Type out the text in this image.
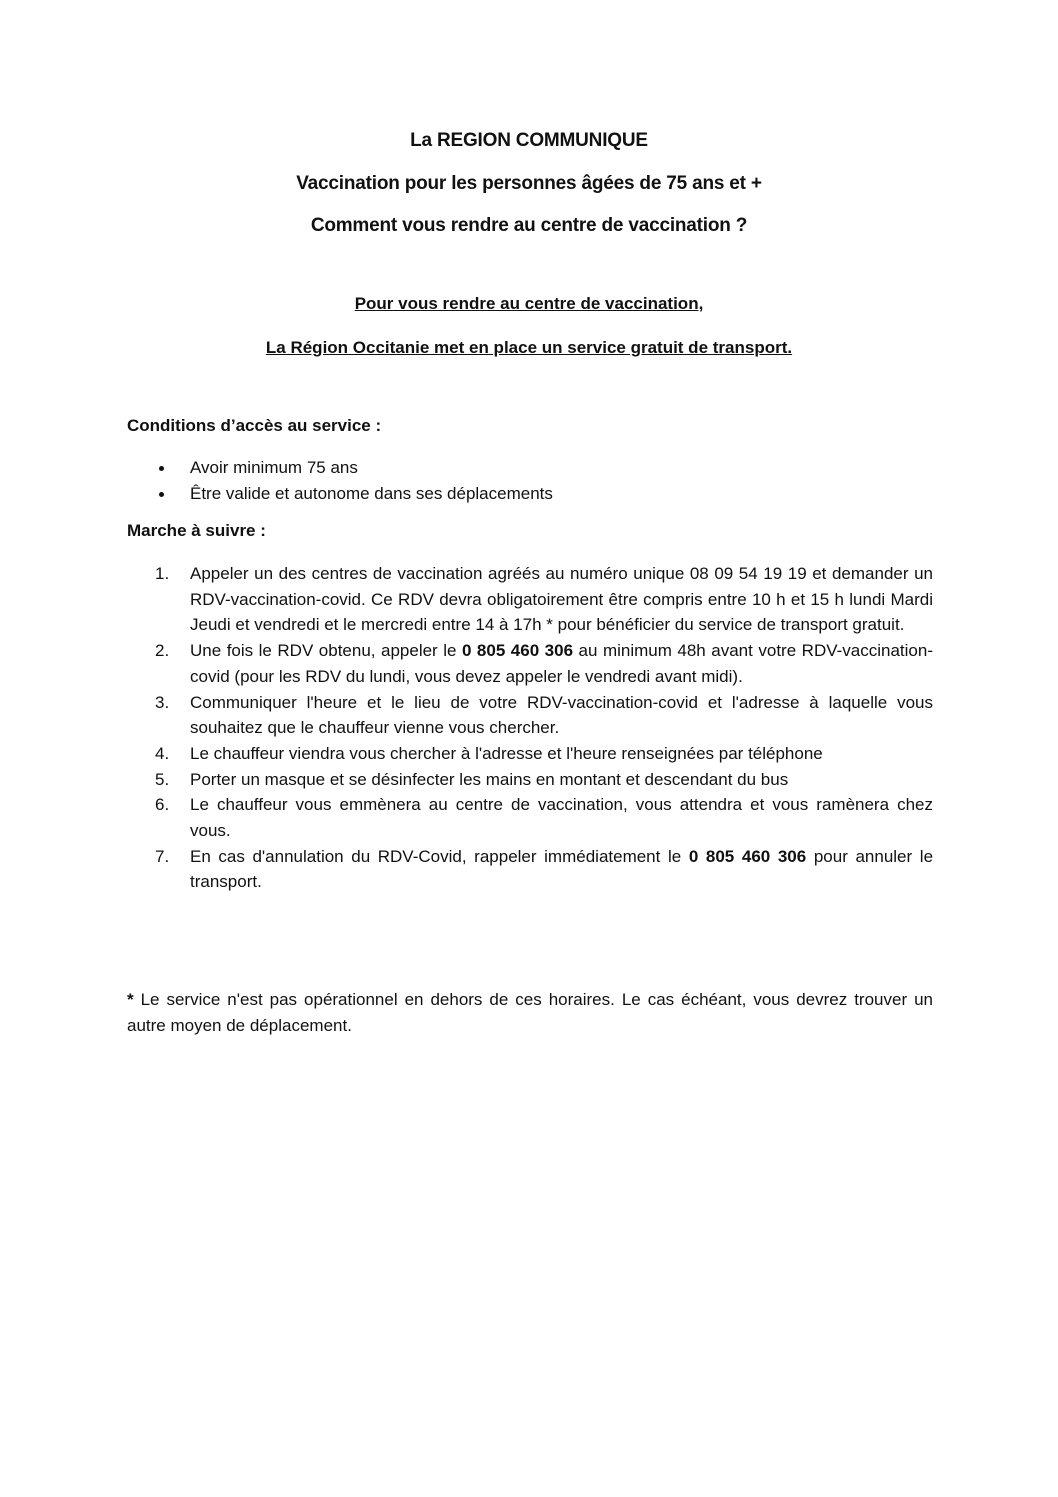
La REGION COMMUNIQUE
Vaccination pour les personnes âgées de 75 ans et +
Comment vous rendre au centre de vaccination ?
Pour vous rendre au centre de vaccination,
La Région Occitanie met en place un service gratuit de transport.
Conditions d’accès au service :
Avoir minimum 75 ans
Être valide et autonome dans ses déplacements
Marche à suivre :
1. Appeler un des centres de vaccination agréés au numéro unique 08 09 54 19 19 et demander un RDV-vaccination-covid. Ce RDV devra obligatoirement être compris entre 10 h et 15 h lundi Mardi Jeudi et vendredi et le mercredi entre 14 à 17h * pour bénéficier du service de transport gratuit.
2. Une fois le RDV obtenu, appeler le 0 805 460 306 au minimum 48h avant votre RDV-vaccination-covid (pour les RDV du lundi, vous devez appeler le vendredi avant midi).
3. Communiquer l'heure et le lieu de votre RDV-vaccination-covid et l'adresse à laquelle vous souhaitez que le chauffeur vienne vous chercher.
4. Le chauffeur viendra vous chercher à l'adresse et l'heure renseignées par téléphone
5. Porter un masque et se désinfecter les mains en montant et descendant du bus
6. Le chauffeur vous emmènera au centre de vaccination, vous attendra et vous ramènera chez vous.
7. En cas d'annulation du RDV-Covid, rappeler immédiatement le 0 805 460 306 pour annuler le transport.
* Le service n'est pas opérationnel en dehors de ces horaires. Le cas échéant, vous devrez trouver un autre moyen de déplacement.
